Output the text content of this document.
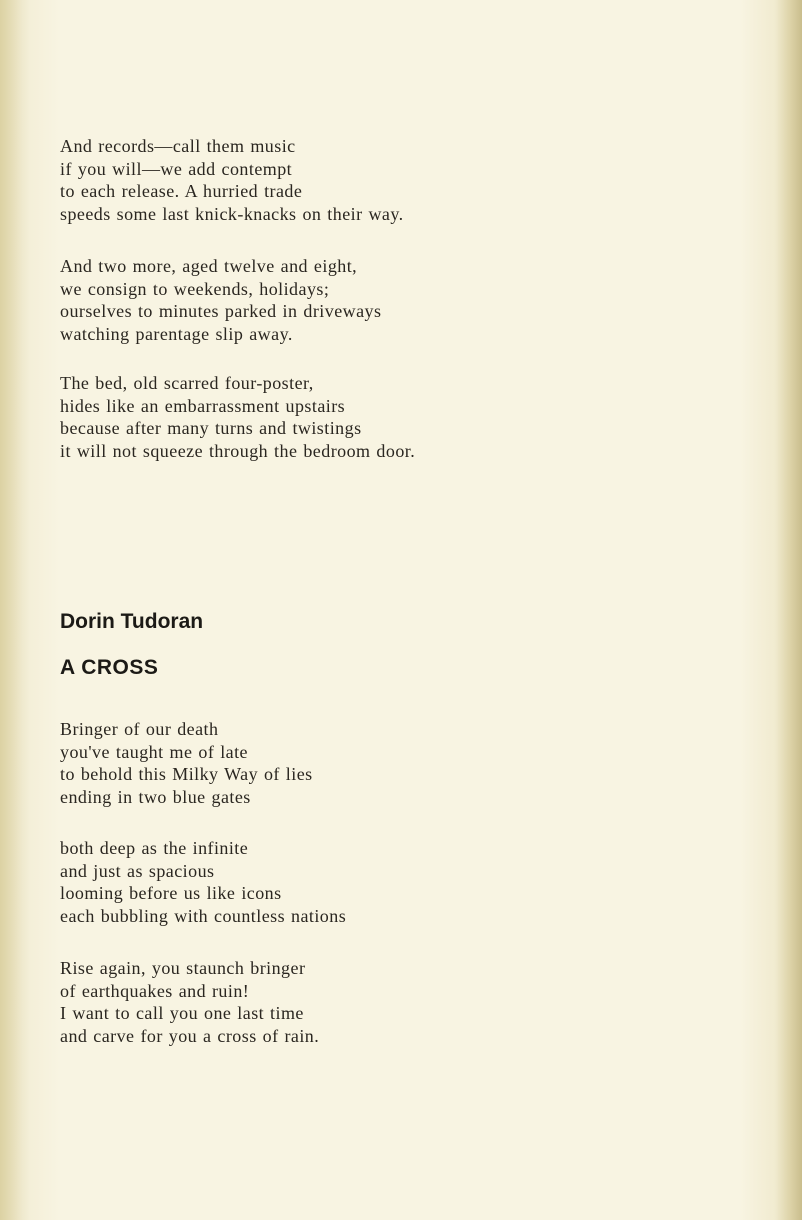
And records—call them music
if you will—we add contempt
to each release. A hurried trade
speeds some last knick-knacks on their way.
And two more, aged twelve and eight,
we consign to weekends, holidays;
ourselves to minutes parked in driveways
watching parentage slip away.
The bed, old scarred four-poster,
hides like an embarrassment upstairs
because after many turns and twistings
it will not squeeze through the bedroom door.
Dorin Tudoran
A CROSS
Bringer of our death
you've taught me of late
to behold this Milky Way of lies
ending in two blue gates
both deep as the infinite
and just as spacious
looming before us like icons
each bubbling with countless nations
Rise again, you staunch bringer
of earthquakes and ruin!
I want to call you one last time
and carve for you a cross of rain.
